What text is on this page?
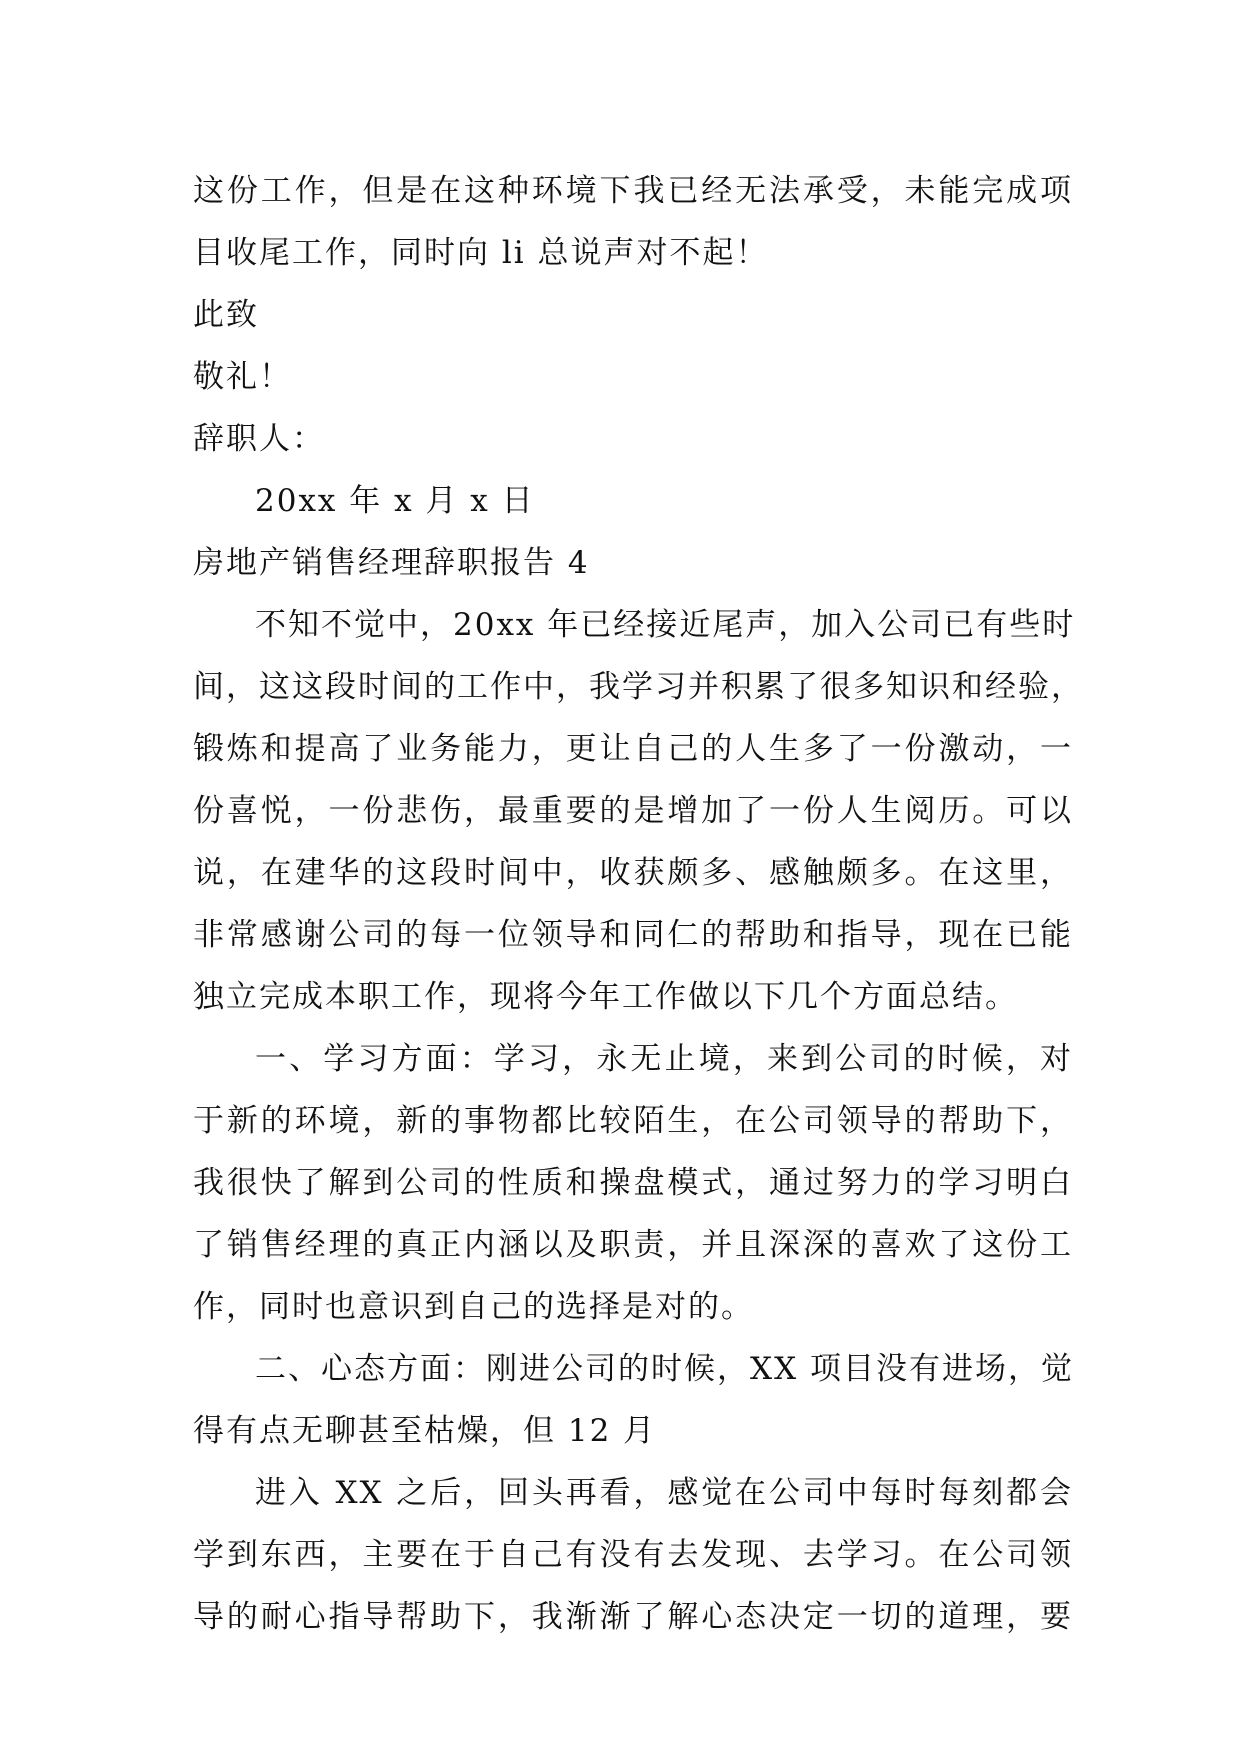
这份工作，但是在这种环境下我已经无法承受，未能完成项
目收尾工作，同时向 li 总说声对不起！
此致
敬礼！
辞职人：
20xx 年 x 月 x 日
房地产销售经理辞职报告 4
不知不觉中，20xx 年已经接近尾声，加入公司已有些时
间，这这段时间的工作中，我学习并积累了很多知识和经验，
锻炼和提高了业务能力，更让自己的人生多了一份激动，一
份喜悦，一份悲伤，最重要的是增加了一份人生阅历。可以
说，在建华的这段时间中，收获颇多、感触颇多。在这里，
非常感谢公司的每一位领导和同仁的帮助和指导，现在已能
独立完成本职工作，现将今年工作做以下几个方面总结。
一、学习方面：学习，永无止境，来到公司的时候，对
于新的环境，新的事物都比较陌生，在公司领导的帮助下，
我很快了解到公司的性质和操盘模式，通过努力的学习明白
了销售经理的真正内涵以及职责，并且深深的喜欢了这份工
作，同时也意识到自己的选择是对的。
二、心态方面：刚进公司的时候，XX 项目没有进场，觉
得有点无聊甚至枯燥，但 12 月
进入 XX 之后，回头再看，感觉在公司中每时每刻都会
学到东西，主要在于自己有没有去发现、去学习。在公司领
导的耐心指导帮助下，我渐渐了解心态决定一切的道理，要
